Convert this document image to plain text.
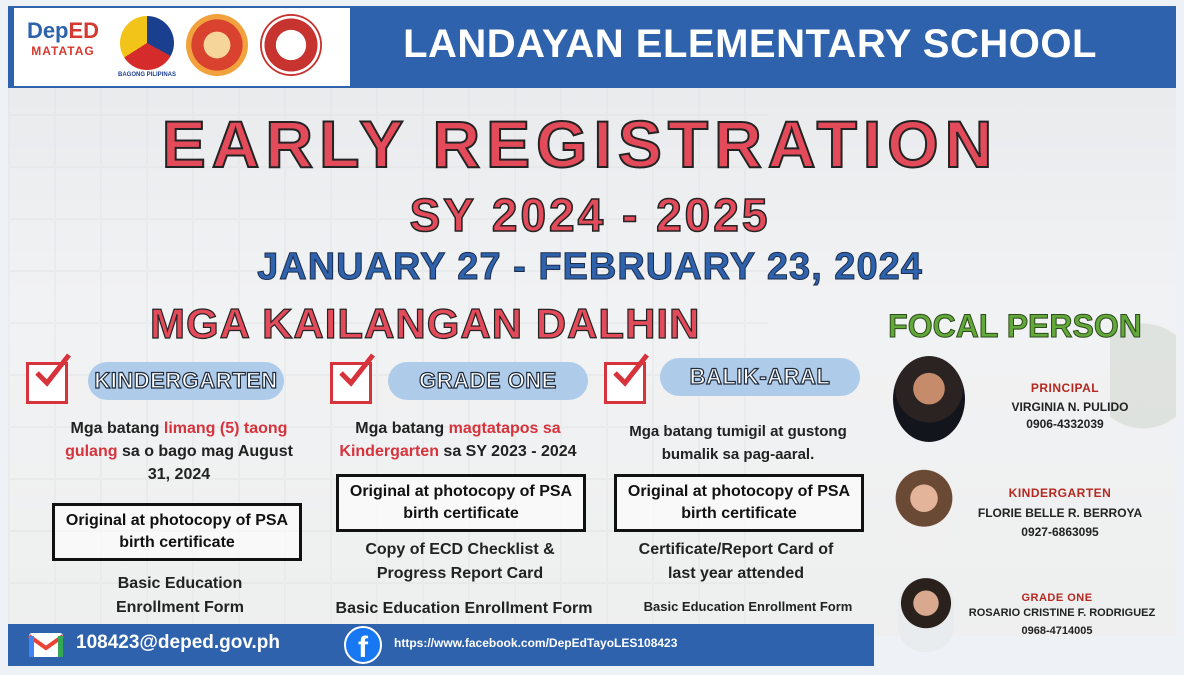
DepED
MATATAG
BAGONG PILIPINAS
LANDAYAN ELEMENTARY SCHOOL
EARLY REGISTRATION
SY 2024 - 2025
JANUARY 27 - FEBRUARY 23, 2024
MGA KAILANGAN DALHIN	FOCAL PERSON
KINDERGARTEN
Mga batang limang (5) taong gulang sa o bago mag August 31, 2024
Original at photocopy of PSA birth certificate
Basic Education Enrollment Form
GRADE ONE
Mga batang magtatapos sa Kindergarten sa SY 2023 - 2024
Original at photocopy of PSA birth certificate
Copy of ECD Checklist & Progress Report Card
Basic Education Enrollment Form
BALIK-ARAL
Mga batang tumigil at gustong bumalik sa pag-aaral.
Original at photocopy of PSA birth certificate
Certificate/Report Card of last year attended
Basic Education Enrollment Form
PRINCIPAL
VIRGINIA N. PULIDO
0906-4332039
KINDERGARTEN
FLORIE BELLE R. BERROYA
0927-6863095
GRADE ONE
ROSARIO CRISTINE F. RODRIGUEZ
0968-4714005
108423@deped.gov.ph	f	https://www.facebook.com/DepEdTayoLES108423
